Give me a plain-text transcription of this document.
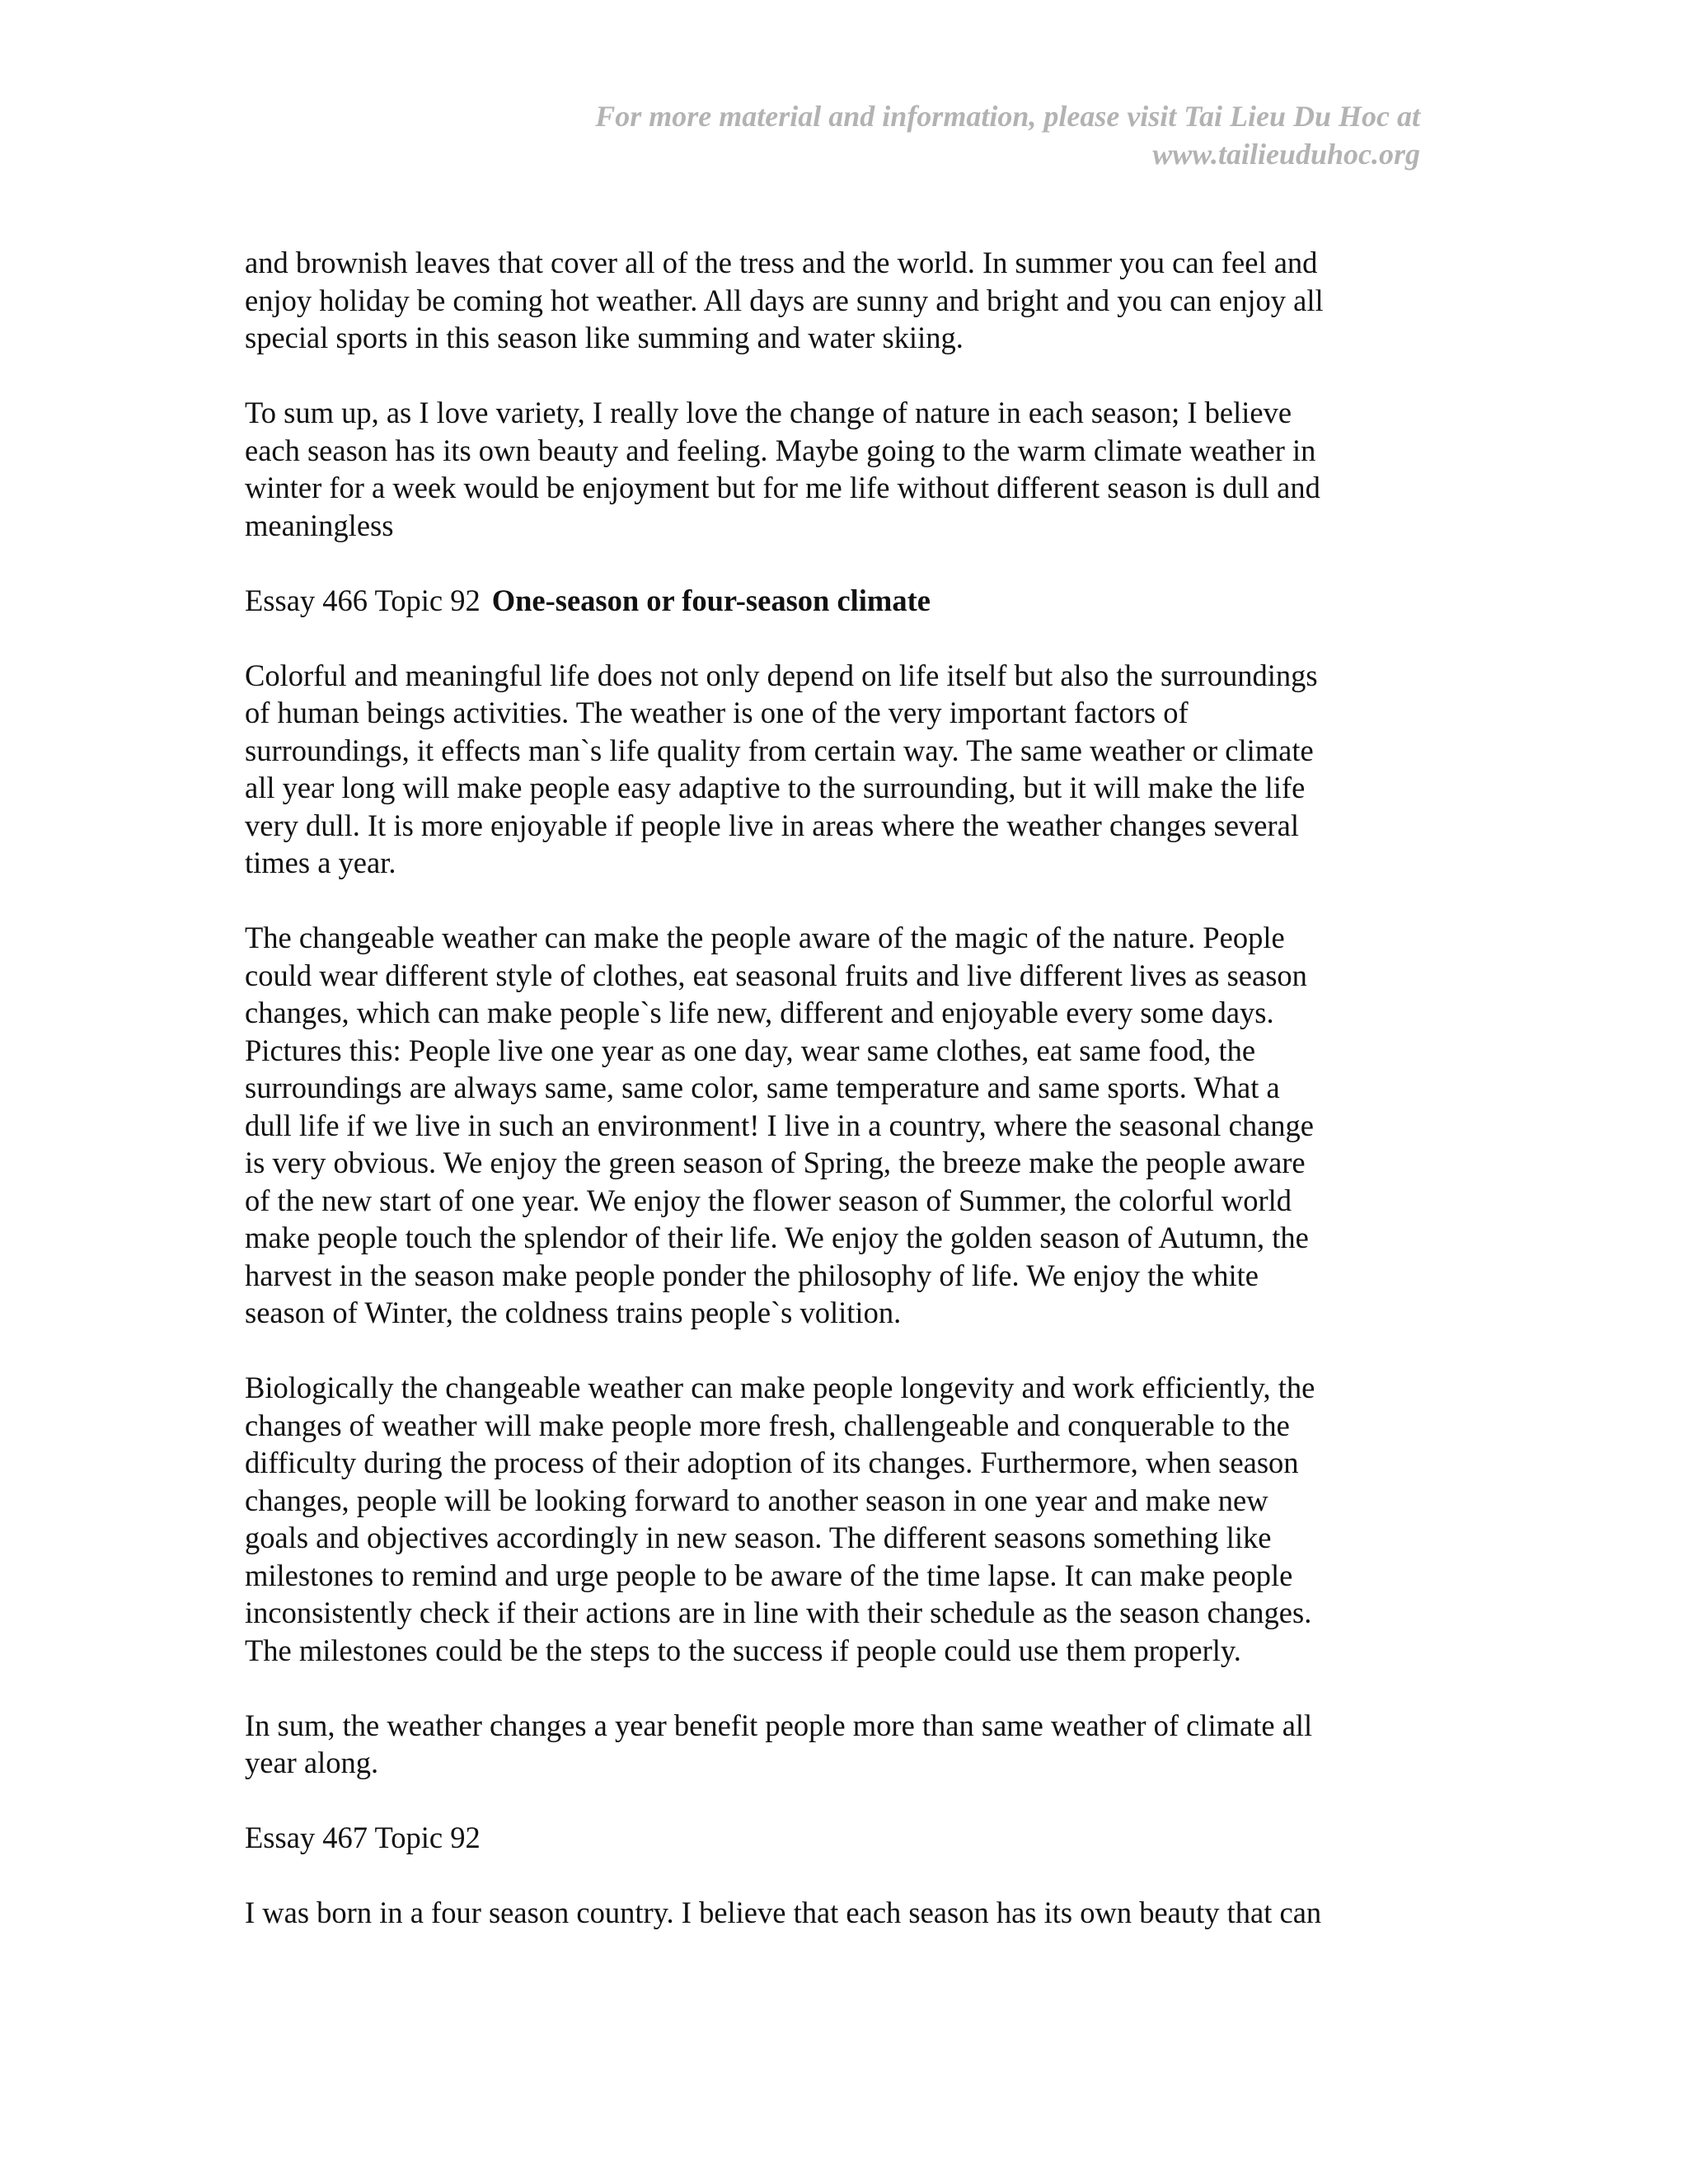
For more material and information, please visit Tai Lieu Du Hoc at
www.tailieuduhoc.org
and brownish leaves that cover all of the tress and the world. In summer you can feel and
enjoy holiday be coming hot weather. All days are sunny and bright and you can enjoy all
special sports in this season like summing and water skiing.
To sum up, as I love variety, I really love the change of nature in each season; I believe
each season has its own beauty and feeling. Maybe going to the warm climate weather in
winter for a week would be enjoyment but for me life without different season is dull and
meaningless
Essay 466 Topic 92 One-season or four-season climate
Colorful and meaningful life does not only depend on life itself but also the surroundings
of human beings activities. The weather is one of the very important factors of
surroundings, it effects man`s life quality from certain way. The same weather or climate
all year long will make people easy adaptive to the surrounding, but it will make the life
very dull. It is more enjoyable if people live in areas where the weather changes several
times a year.
The changeable weather can make the people aware of the magic of the nature. People
could wear different style of clothes, eat seasonal fruits and live different lives as season
changes, which can make people`s life new, different and enjoyable every some days.
Pictures this: People live one year as one day, wear same clothes, eat same food, the
surroundings are always same, same color, same temperature and same sports. What a
dull life if we live in such an environment! I live in a country, where the seasonal change
is very obvious. We enjoy the green season of Spring, the breeze make the people aware
of the new start of one year. We enjoy the flower season of Summer, the colorful world
make people touch the splendor of their life. We enjoy the golden season of Autumn, the
harvest in the season make people ponder the philosophy of life. We enjoy the white
season of Winter, the coldness trains people`s volition.
Biologically the changeable weather can make people longevity and work efficiently, the
changes of weather will make people more fresh, challengeable and conquerable to the
difficulty during the process of their adoption of its changes. Furthermore, when season
changes, people will be looking forward to another season in one year and make new
goals and objectives accordingly in new season. The different seasons something like
milestones to remind and urge people to be aware of the time lapse. It can make people
inconsistently check if their actions are in line with their schedule as the season changes.
The milestones could be the steps to the success if people could use them properly.
In sum, the weather changes a year benefit people more than same weather of climate all
year along.
Essay 467 Topic 92
I was born in a four season country. I believe that each season has its own beauty that can
